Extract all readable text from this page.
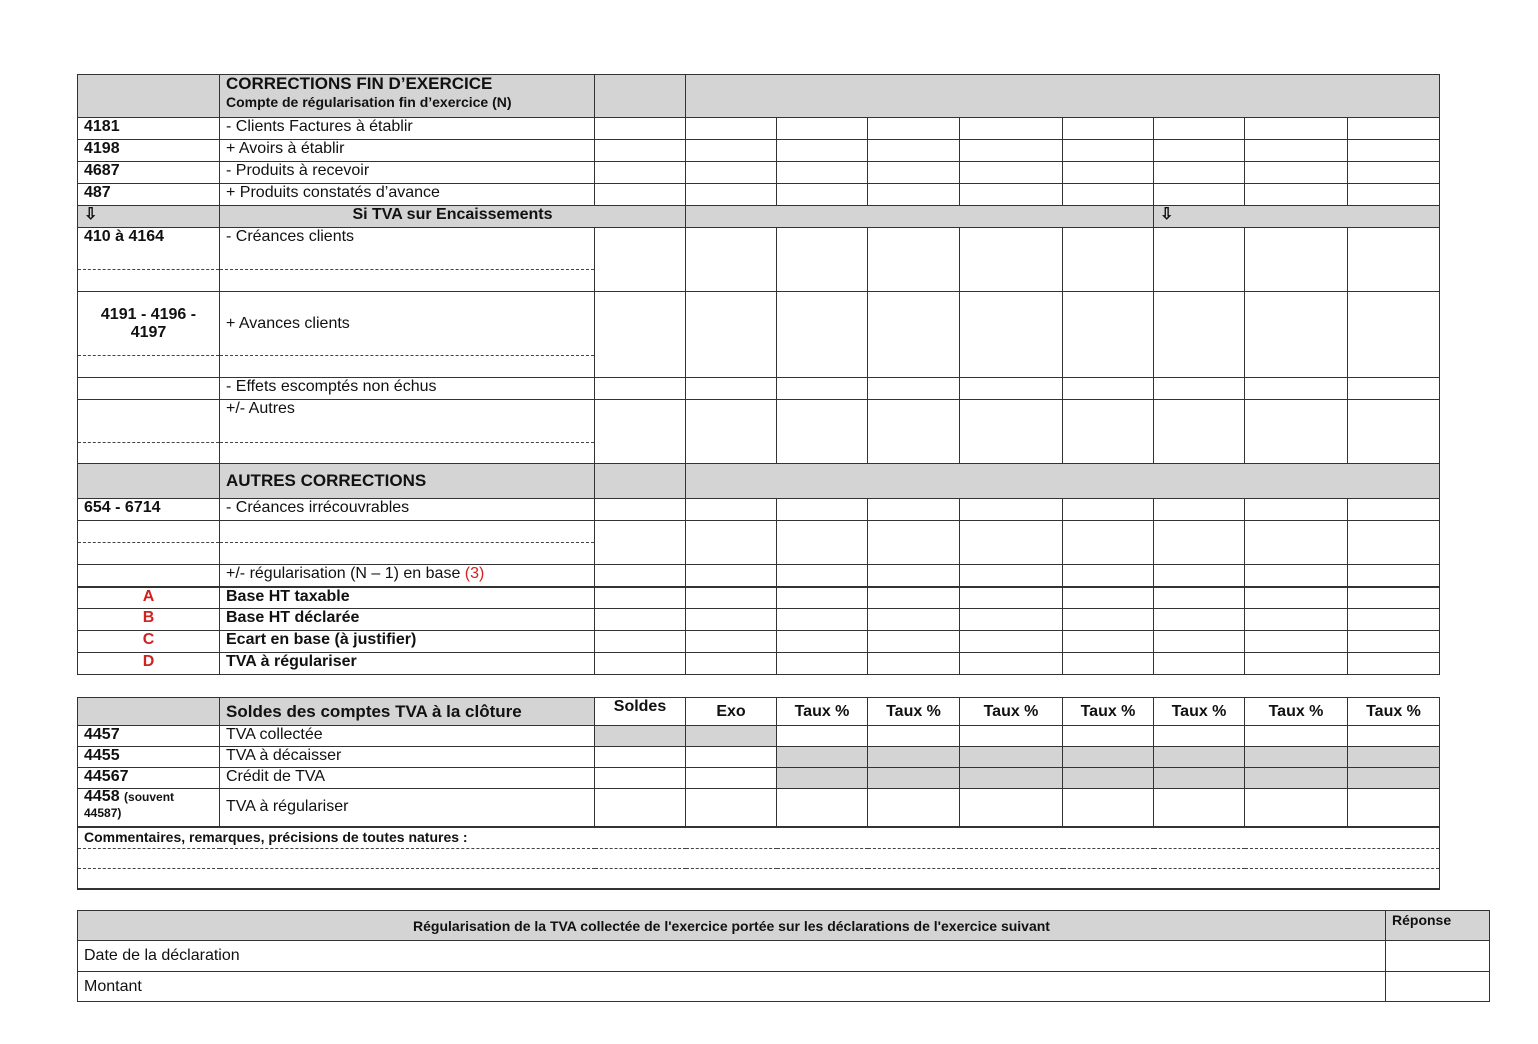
	CORRECTIONS FIN D’EXERCICE
Compte de régularisation fin d’exercice (N)									

4181	- Clients Factures à établir									
4198	+ Avoirs à établir									
4687	- Produits à recevoir									
487	+ Produits constatés d’avance									
⇩	Si TVA sur Encaissements							⇩		
410 à 4164	- Créances clients									

4191 - 4196 - 4197	+ Avances clients									

	- Effets escomptés non échus									
	+/- Autres									

	AUTRES CORRECTIONS									
654 - 6714	- Créances irrécouvrables									

	+/- régularisation (N – 1) en base (3)									
A	Base HT taxable									
B	Base HT déclarée									
C	Ecart en base (à justifier)									
D	TVA à régulariser									
	Soldes des comptes TVA à la clôture	Soldes	Exo	Taux %	Taux %	Taux %	Taux %	Taux %	Taux %	Taux %
4457	TVA collectée									
4455	TVA à décaisser									
44567	Crédit de TVA									
4458 (souvent 44587)	TVA à régulariser									
Commentaires, remarques, précisions de toutes natures :										

Régularisation de la TVA collectée de l'exercice portée sur les déclarations de l'exercice suivant	Réponse
Date de la déclaration	
Montant	
